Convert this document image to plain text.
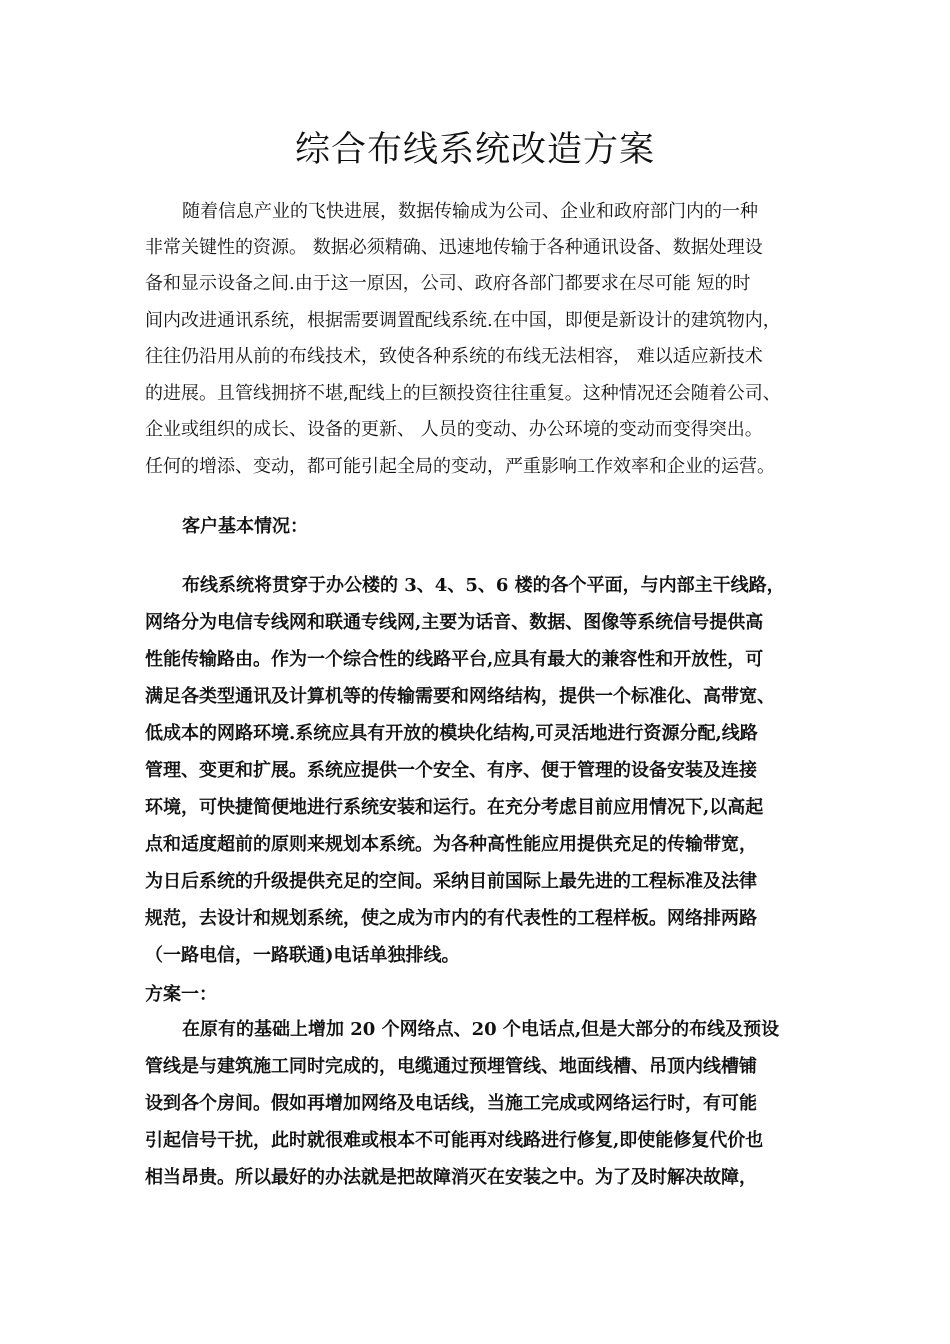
综合布线系统改造方案

随着信息产业的飞快进展，数据传输成为公司、企业和政府部门内的一种

非常关键性的资源。 数据必须精确、迅速地传输于各种通讯设备、数据处理设

备和显示设备之间.由于这一原因，公司、政府各部门都要求在尽可能 短的时

间内改进通讯系统，根据需要调置配线系统.在中国，即便是新设计的建筑物内，

往往仍沿用从前的布线技术，致使各种系统的布线无法相容， 难以适应新技术

的进展。且管线拥挤不堪,配线上的巨额投资往往重复。这种情况还会随着公司、

企业或组织的成长、设备的更新、 人员的变动、办公环境的变动而变得突出。

任何的增添、变动，都可能引起全局的变动，严重影响工作效率和企业的运营。

客户基本情况：

布线系统将贯穿于办公楼的 3、4、5、6 楼的各个平面，与内部主干线路，

网络分为电信专线网和联通专线网,主要为话音、数据、图像等系统信号提供高

性能传输路由。作为一个综合性的线路平台,应具有最大的兼容性和开放性，可

满足各类型通讯及计算机等的传输需要和网络结构，提供一个标准化、高带宽、

低成本的网路环境.系统应具有开放的模块化结构,可灵活地进行资源分配,线路

管理、变更和扩展。系统应提供一个安全、有序、便于管理的设备安装及连接

环境，可快捷简便地进行系统安装和运行。在充分考虑目前应用情况下,以高起

点和适度超前的原则来规划本系统。为各种高性能应用提供充足的传输带宽，

为日后系统的升级提供充足的空间。采纳目前国际上最先进的工程标准及法律

规范，去设计和规划系统，使之成为市内的有代表性的工程样板。网络排两路

（一路电信，一路联通)电话单独排线。

方案一：

在原有的基础上增加 20 个网络点、20 个电话点,但是大部分的布线及预设

管线是与建筑施工同时完成的，电缆通过预埋管线、地面线槽、吊顶内线槽铺

设到各个房间。假如再增加网络及电话线，当施工完成或网络运行时，有可能

引起信号干扰，此时就很难或根本不可能再对线路进行修复,即使能修复代价也

相当昂贵。所以最好的办法就是把故障消灭在安装之中。为了及时解决故障，
